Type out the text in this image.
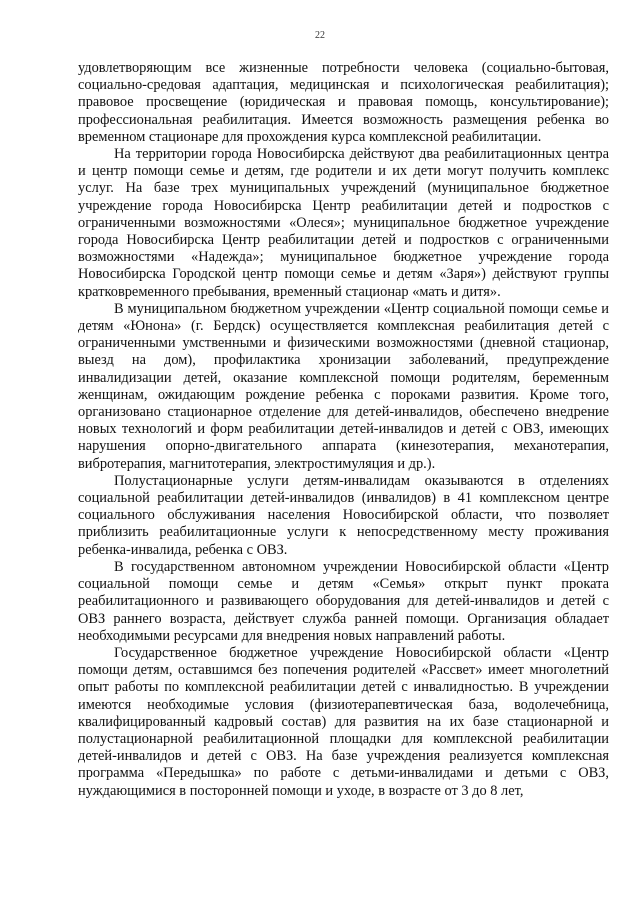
22

удовлетворяющим все жизненные потребности человека (социально-бытовая, социально-средовая адаптация, медицинская и психологическая реабилитация); правовое просвещение (юридическая и правовая помощь, консультирование); профессиональная реабилитация. Имеется возможность размещения ребенка во временном стационаре для прохождения курса комплексной реабилитации.

На территории города Новосибирска действуют два реабилитационных центра и центр помощи семье и детям, где родители и их дети могут получить комплекс услуг. На базе трех муниципальных учреждений (муниципальное бюджетное учреждение города Новосибирска Центр реабилитации детей и подростков с ограниченными возможностями «Олеся»; муниципальное бюджетное учреждение города Новосибирска Центр реабилитации детей и подростков с ограниченными возможностями «Надежда»; муниципальное бюджетное учреждение города Новосибирска Городской центр помощи семье и детям «Заря») действуют группы кратковременного пребывания, временный стационар «мать и дитя».

В муниципальном бюджетном учреждении «Центр социальной помощи семье и детям «Юнона» (г. Бердск) осуществляется комплексная реабилитация детей с ограниченными умственными и физическими возможностями (дневной стационар, выезд на дом), профилактика хронизации заболеваний, предупреждение инвалидизации детей, оказание комплексной помощи родителям, беременным женщинам, ожидающим рождение ребенка с пороками развития. Кроме того, организовано стационарное отделение для детей-инвалидов, обеспечено внедрение новых технологий и форм реабилитации детей-инвалидов и детей с ОВЗ, имеющих нарушения опорно-двигательного аппарата (кинезотерапия, механотерапия, вибротерапия, магнитотерапия, электростимуляция и др.).

Полустационарные услуги детям-инвалидам оказываются в отделениях социальной реабилитации детей-инвалидов (инвалидов) в 41 комплексном центре социального обслуживания населения Новосибирской области, что позволяет приблизить реабилитационные услуги к непосредственному месту проживания ребенка-инвалида, ребенка с ОВЗ.

В государственном автономном учреждении Новосибирской области «Центр социальной помощи семье и детям «Семья» открыт пункт проката реабилитационного и развивающего оборудования для детей-инвалидов и детей с ОВЗ раннего возраста, действует служба ранней помощи. Организация обладает необходимыми ресурсами для внедрения новых направлений работы.

Государственное бюджетное учреждение Новосибирской области «Центр помощи детям, оставшимся без попечения родителей «Рассвет» имеет многолетний опыт работы по комплексной реабилитации детей с инвалидностью. В учреждении имеются необходимые условия (физиотерапевтическая база, водолечебница, квалифицированный кадровый состав) для развития на их базе стационарной и полустационарной реабилитационной площадки для комплексной реабилитации детей-инвалидов и детей с ОВЗ. На базе учреждения реализуется комплексная программа «Передышка» по работе с детьми-инвалидами и детьми с ОВЗ, нуждающимися в посторонней помощи и уходе, в возрасте от 3 до 8 лет,
